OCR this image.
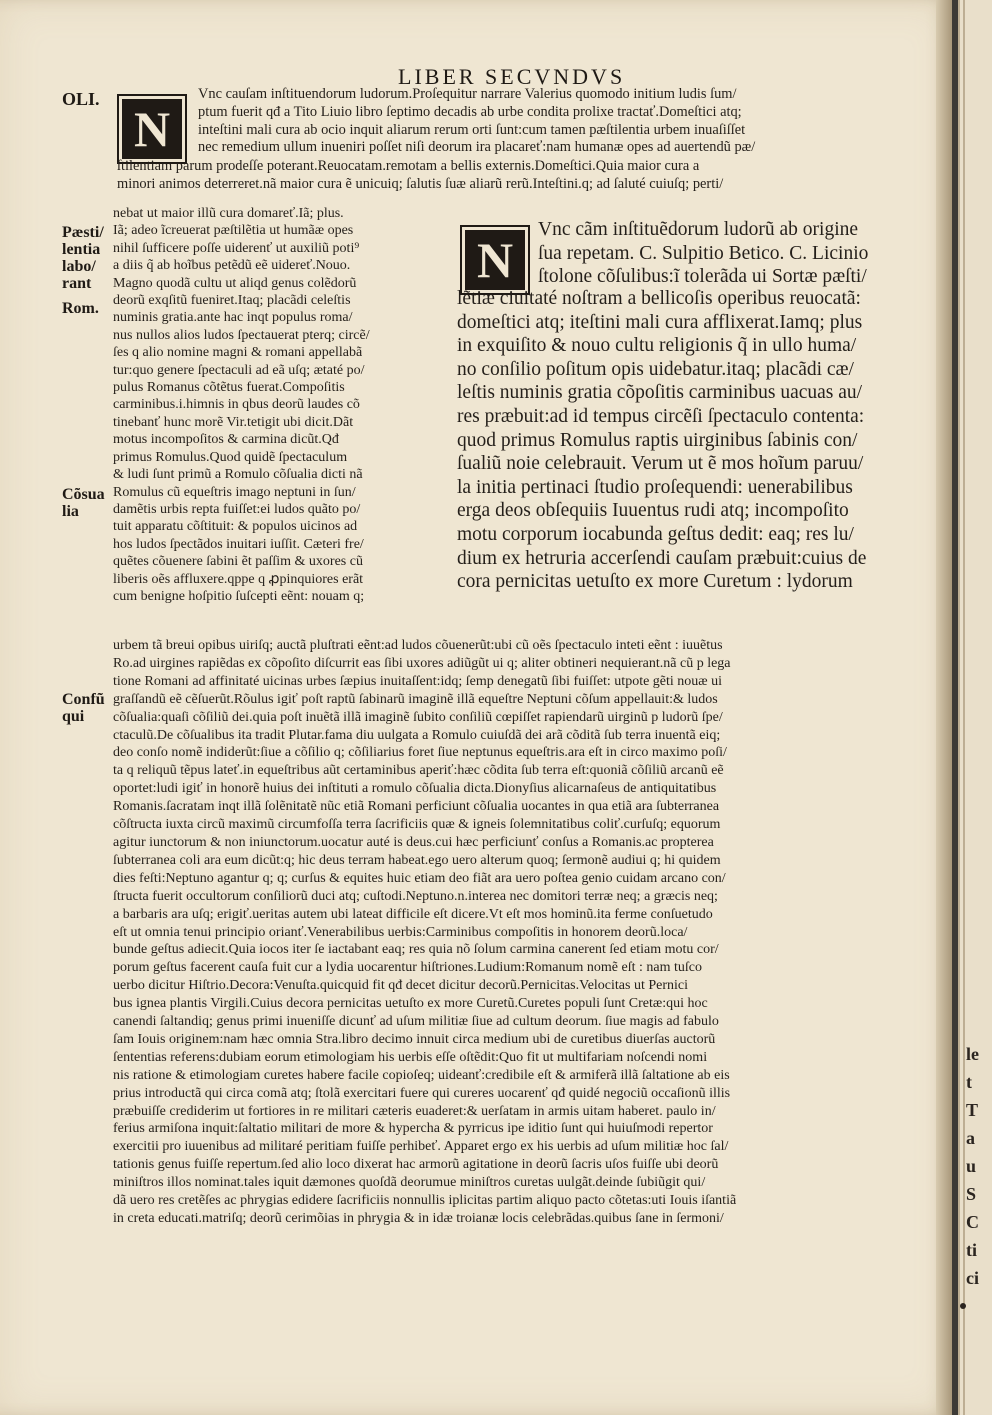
le
t
T
a
u
S
C
ti
ci
LIBER SECVNDVS
OLI.
Pæsti/
lentia
labo/
rant
Rom.
Cõsua
lia
Confũ
qui
N
N
Vnc cauſam inſtituendorum ludorum.Proſequitur narrare Valerius quomodo initium ludis ſum/
ptum fuerit qđ a Tito Liuio libro ſeptimo decadis ab urbe condita prolixe tractať.Domeſtici atq;
inteſtini mali cura ab ocio inquit aliarum rerum orti ſunt:cum tamen pæſtilentia urbem inuaſiſſet
nec remedium ullum inueniri poſſet niſi deorum ira placareť:nam humanæ opes ad auertendũ pæ/
ſtilentiam parum prodeſſe poterant.Reuocatam.remotam a bellis externis.Domeſtici.Quia maior cura a
minori animos deterreret.nã maior cura ẽ unicuiq; ſalutis ſuæ aliarũ rerũ.Inteſtini.q; ad ſaluté cuiuſq; perti/
nebat ut maior illũ cura domareť.Iã; plus.
Iã; adeo ĩcreuerat pæſtilẽtia ut humãæ opes
nihil ſufficere poſſe uiderenť ut auxiliũ poti⁹
a diis q̃ ab hoĩbus petẽdũ eẽ uidereť.Nouo.
Magno quodã cultu ut aliqd genus colẽdorũ
deorũ exqſitũ fueniret.Itaq; placãdi celeſtis
numinis gratia.ante hac inqt populus roma/
nus nullos alios ludos ſpectauerat pterq; circẽ/
ſes q alio nomine magni & romani appellabã
tur:quo genere ſpectaculi ad eã uſq; ætaté po/
pulus Romanus cõtẽtus fuerat.Compoſitis
carminibus.i.himnis in qbus deorũ laudes cõ
tinebanť hunc morẽ Vir.tetigit ubi dicit.Dãt
motus incompoſitos & carmina dicũt.Qđ
primus Romulus.Quod quidẽ ſpectaculum
& ludi ſunt primũ a Romulo cõſualia dicti nã
Romulus cũ equeſtris imago neptuni in ſun/
damẽtis urbis repta fuiſſet:ei ludos quãto po/
tuit apparatu cõſtituit: & populos uicinos ad
hos ludos ſpectãdos inuitari iuſſit. Cæteri fre/
quẽtes cõuenere ſabini ẽt paſſim & uxores cũ
liberis oẽs affluxere.qppe q ꝓpinquiores erãt
cum benigne hoſpitio ſuſcepti eẽnt: nouam q;
Vnc cãm inſtituẽdorum ludorũ ab origine
ſua repetam. C. Sulpitio Betico. C. Licinio
ſtolone cõſulibus:ĩ tolerãda ui Sortæ pæſti/
lẽtiæ ciuitaté noſtram a bellicoſis operibus reuocatã:
domeſtici atq; iteſtini mali cura afflixerat.Iamq; plus
in exquiſito & nouo cultu religionis q̃ in ullo huma/
no conſilio poſitum opis uidebatur.itaq; placãdi cæ/
leſtis numinis gratia cõpoſitis carminibus uacuas au/
res præbuit:ad id tempus circẽſi ſpectaculo contenta:
quod primus Romulus raptis uirginibus ſabinis con/
ſualiũ noie celebrauit. Verum ut ẽ mos hoĩum paruu/
la initia pertinaci ſtudio proſequendi: uenerabilibus
erga deos obſequiis Iuuentus rudi atq; incompoſito
motu corporum iocabunda geſtus dedit: eaq; res lu/
dium ex hetruria accerſendi cauſam præbuit:cuius de
cora pernicitas uetuſto ex more Curetum : lydorum
urbem tã breui opibus uiriſq; auctã pluſtrati eẽnt:ad ludos cõuenerũt:ubi cũ oẽs ſpectaculo inteti eẽnt : iuuẽtus
Ro.ad uirgines rapiẽdas ex cõpoſito diſcurrit eas ſibi uxores adiũgũt ui q; aliter obtineri nequierant.nã cũ p lega
tione Romani ad affinitaté uicinas urbes ſæpius inuitaſſent:idq; ſemp denegatũ ſibi fuiſſet: utpote gẽti nouæ ui
graſſandũ eẽ cẽſuerũt.Rõulus igiť poſt raptũ ſabinarũ imaginẽ illã equeſtre Neptuni cõſum appellauit:& ludos
cõſualia:quaſi cõſiliũ dei.quia poſt inuẽtã illã imaginẽ ſubito conſiliũ cœpiſſet rapiendarũ uirginũ p ludorũ ſpe/
ctaculũ.De cõſualibus ita tradit Plutar.fama diu uulgata a Romulo cuiuſdã dei arã cõditã ſub terra inuentã eiq;
deo conſo nomẽ indiderũt:ſiue a cõſilio q; cõſiliarius foret ſiue neptunus equeſtris.ara eſt in circo maximo poſi/
ta q reliquũ tẽpus lateť.in equeſtribus aũt certaminibus aperiť:hæc cõdita ſub terra eſt:quoniã cõſiliũ arcanũ eẽ
oportet:ludi igiť in honorẽ huius dei inſtituti a romulo cõſualia dicta.Dionyſius alicarnaſeus de antiquitatibus
Romanis.ſacratam inqt illã ſolẽnitatẽ nũc etiã Romani perficiunt cõſualia uocantes in qua etiã ara ſubterranea
cõſtructa iuxta circũ maximũ circumfoſſa terra ſacrificiis quæ & igneis ſolemnitatibus coliť.curſuſq; equorum
agitur iunctorum & non iniunctorum.uocatur auté is deus.cui hæc perficiunť conſus a Romanis.ac propterea
ſubterranea coli ara eum dicũt:q; hic deus terram habeat.ego uero alterum quoq; ſermonẽ audiui q; hi quidem
dies feſti:Neptuno agantur q; q; curſus & equites huic etiam deo fiãt ara uero poſtea genio cuidam arcano con/
ſtructa fuerit occultorum conſiliorũ duci atq; cuſtodi.Neptuno.n.interea nec domitori terræ neq; a græcis neq;
a barbaris ara uſq; erigiť.ueritas autem ubi lateat difficile eſt dicere.Vt eſt mos hominũ.ita ferme conſuetudo
eſt ut omnia tenui principio orianť.Venerabilibus uerbis:Carminibus compoſitis in honorem deorũ.loca/
bunde geſtus adiecit.Quia iocos iter ſe iactabant eaq; res quia nõ ſolum carmina canerent ſed etiam motu cor/
porum geſtus facerent cauſa fuit cur a lydia uocarentur hiſtriones.Ludium:Romanum nomẽ eſt : nam tuſco
uerbo dicitur Hiſtrio.Decora:Venuſta.quicquid fit qđ decet dicitur decorũ.Pernicitas.Velocitas ut Pernici
bus ignea plantis Virgili.Cuius decora pernicitas uetuſto ex more Curetũ.Curetes populi ſunt Cretæ:qui hoc
canendi ſaltandiq; genus primi inueniſſe dicunť ad uſum militiæ ſiue ad cultum deorum. ſiue magis ad fabulo
ſam Iouis originem:nam hæc omnia Stra.libro decimo innuit circa medium ubi de curetibus diuerſas auctorũ
ſententias referens:dubiam eorum etimologiam his uerbis eſſe oſtẽdit:Quo fit ut multifariam noſcendi nomi
nis ratione & etimologiam curetes habere facile copioſeq; uideanť:credibile eſt & armiferã illã ſaltatione ab eis
prius introductã qui circa comã atq; ſtolã exercitari fuere qui cureres uocarenť qđ quidé negociũ occaſionũ illis
præbuiſſe crediderim ut fortiores in re militari cæteris euaderet:& uerſatam in armis uitam haberet. paulo in/
ferius armiſona inquit:ſaltatio militari de more & hypercha & pyrricus ipe iditio ſunt qui huiuſmodi repertor
exercitii pro iuuenibus ad militaré peritiam fuiſſe perhibeť. Apparet ergo ex his uerbis ad uſum militiæ hoc ſal/
tationis genus fuiſſe repertum.ſed alio loco dixerat hac armorũ agitatione in deorũ ſacris uſos fuiſſe ubi deorũ
miniſtros illos nominat.tales iquit dæmones quoſdã deorumue miniſtros curetas uulgãt.deinde ſubiũgit qui/
dã uero res cretẽſes ac phrygias edidere ſacrificiis nonnullis iplicitas partim aliquo pacto cõtetas:uti Iouis iſantiã
in creta educati.matriſq; deorũ cerimõias in phrygia & in idæ troianæ locis celebrãdas.quibus ſane in ſermoni/
